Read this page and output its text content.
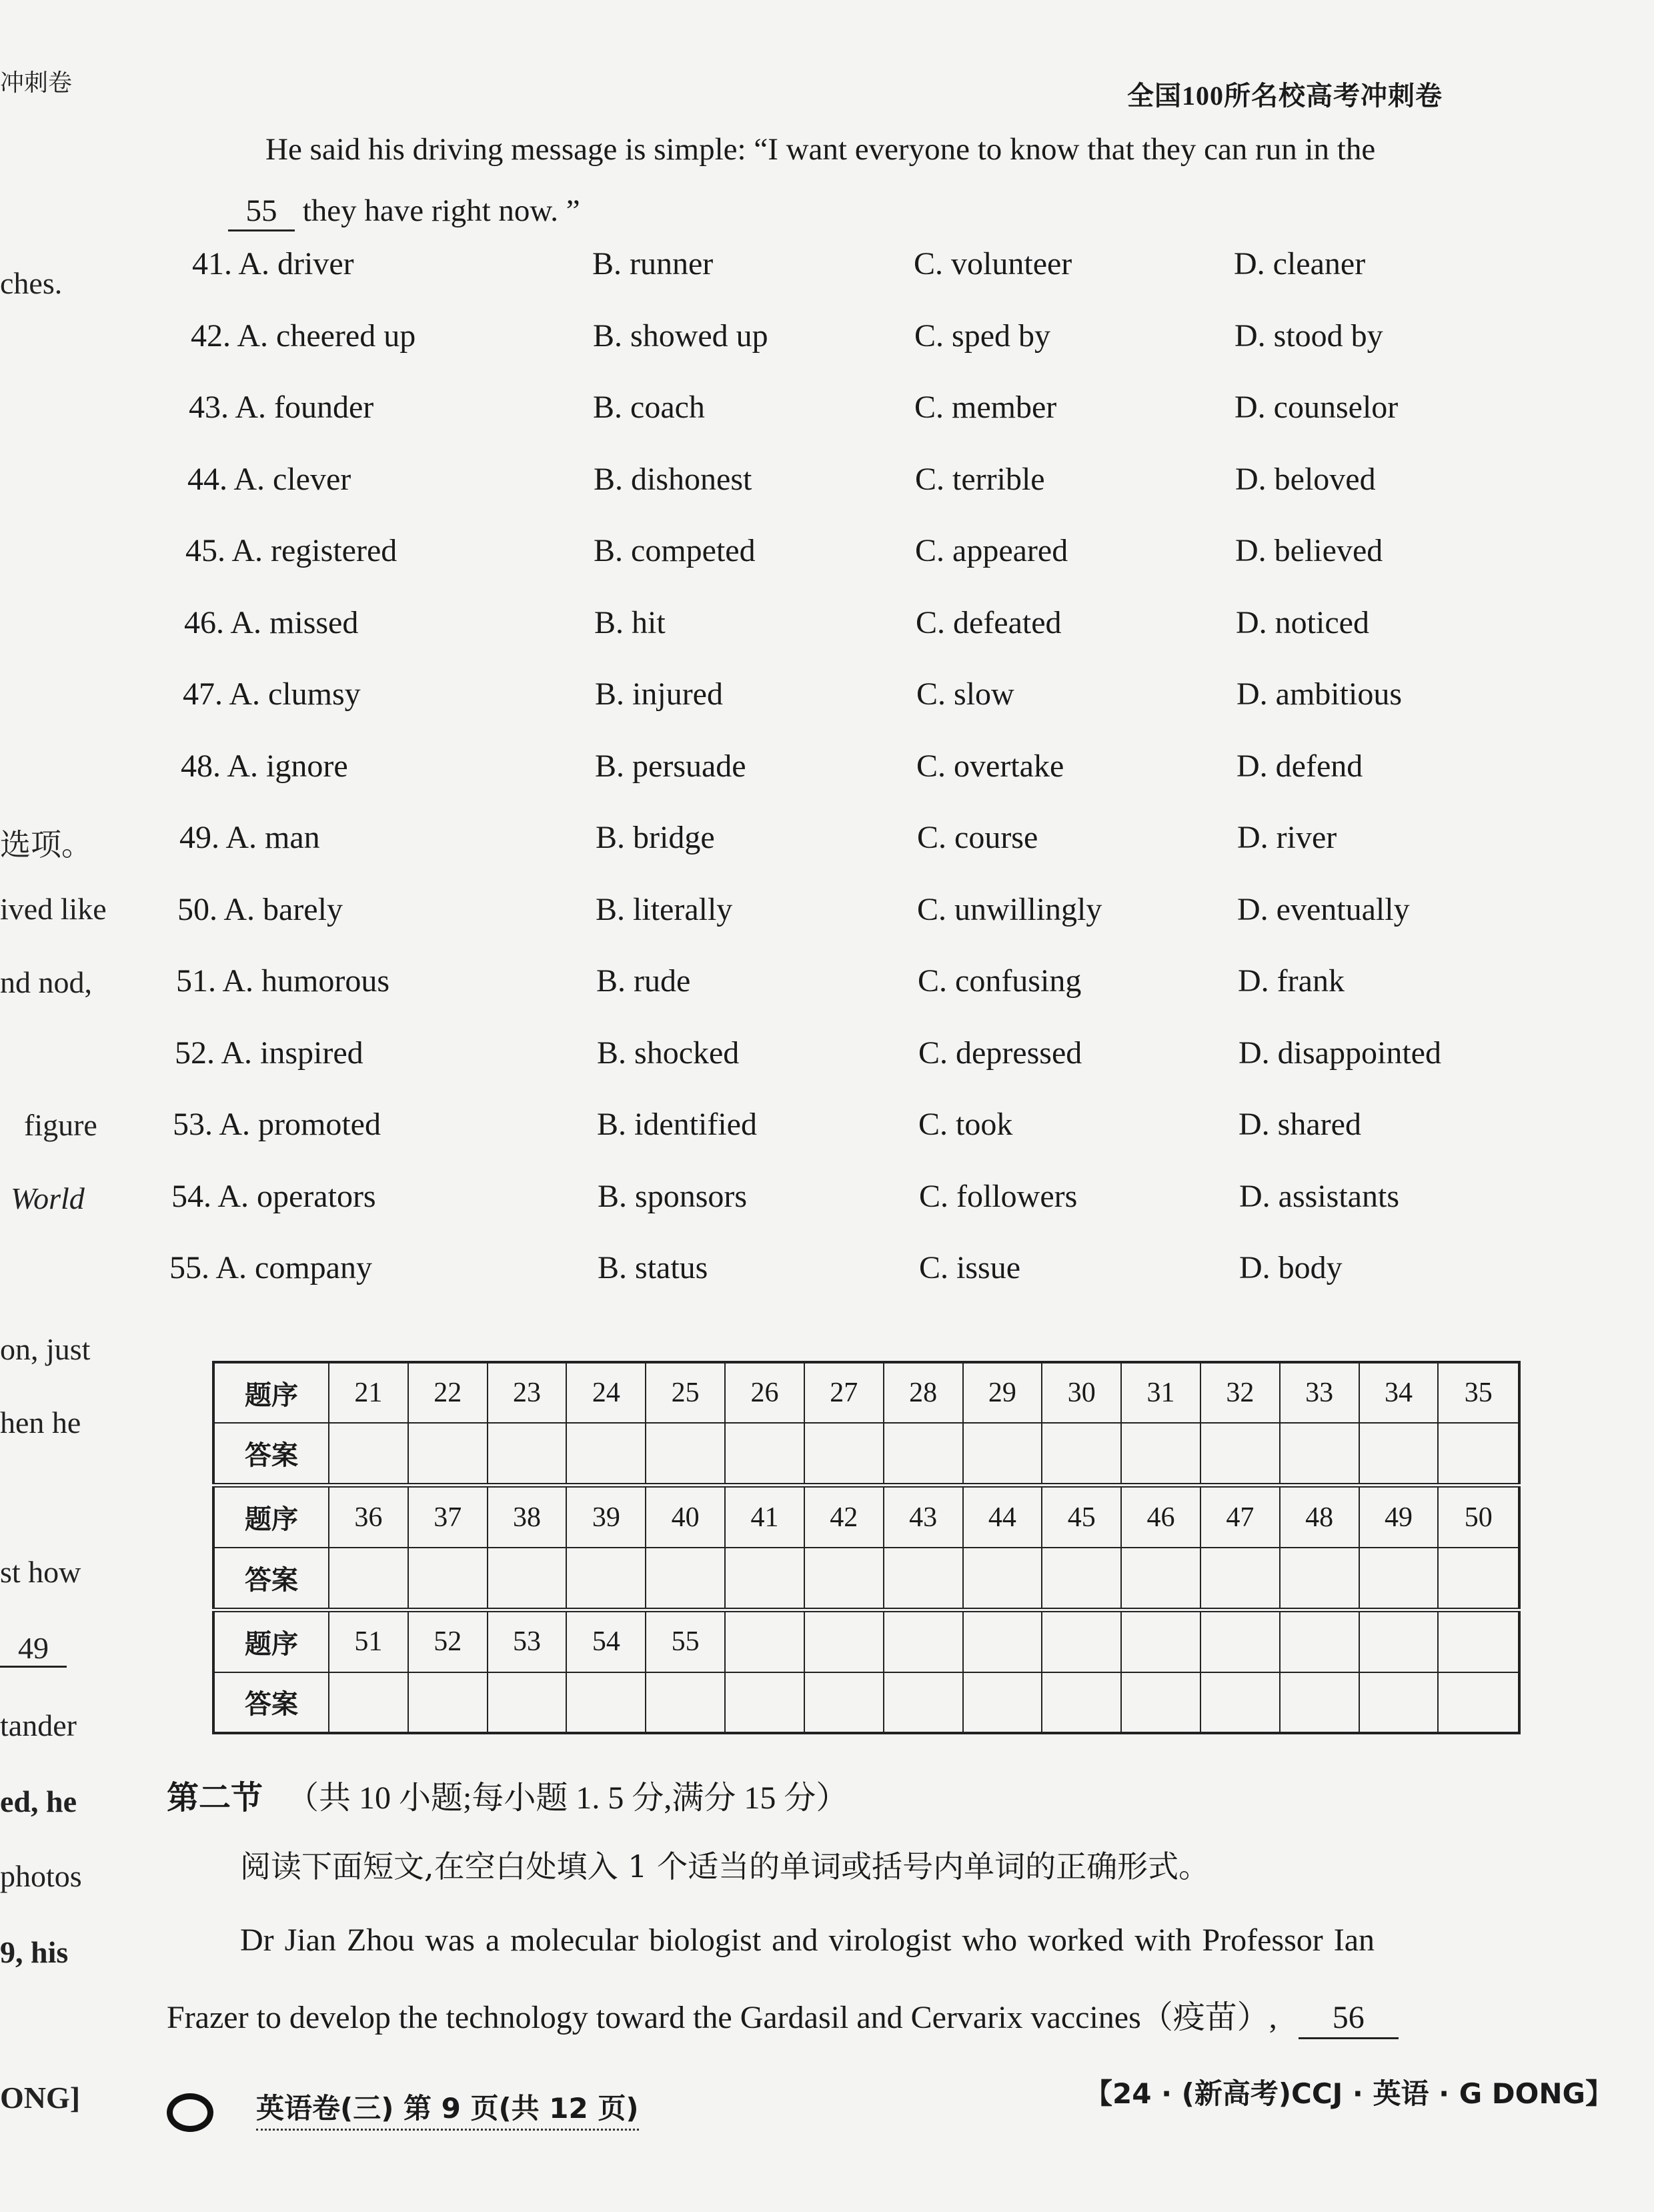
冲刺卷	全国100所名校高考冲刺卷
ches.
选项。
ived like
nd nod,
figure
World
on, just
hen he
st how
49
tander
ed, he
photos
9, his
ONG]
He said his driving message is simple: “I want everyone to know that they can run in the
55 they have right now. ”
41. A. driver	B. runner	C. volunteer	D. cleaner
42. A. cheered up	B. showed up	C. sped by	D. stood by
43. A. founder	B. coach	C. member	D. counselor
44. A. clever	B. dishonest	C. terrible	D. beloved
45. A. registered	B. competed	C. appeared	D. believed
46. A. missed	B. hit	C. defeated	D. noticed
47. A. clumsy	B. injured	C. slow	D. ambitious
48. A. ignore	B. persuade	C. overtake	D. defend
49. A. man	B. bridge	C. course	D. river
50. A. barely	B. literally	C. unwillingly	D. eventually
51. A. humorous	B. rude	C. confusing	D. frank
52. A. inspired	B. shocked	C. depressed	D. disappointed
53. A. promoted	B. identified	C. took	D. shared
54. A. operators	B. sponsors	C. followers	D. assistants
55. A. company	B. status	C. issue	D. body
题序	21	22	23	24	25	26	27	28	29	30	31	32	33	34	35
答案															
题序	36	37	38	39	40	41	42	43	44	45	46	47	48	49	50
答案															
题序	51	52	53	54	55										
答案															
第二节 （共 10 小题;每小题 1. 5 分,满分 15 分）
阅读下面短文,在空白处填入 1 个适当的单词或括号内单词的正确形式。
Dr Jian Zhou was a molecular biologist and virologist who worked with Professor Ian
Frazer to develop the technology toward the Gardasil and Cervarix vaccines（疫苗）, 56
英语卷(三) 第 9 页(共 12 页)	【24 · (新高考)CCJ · 英语 · G DONG】
